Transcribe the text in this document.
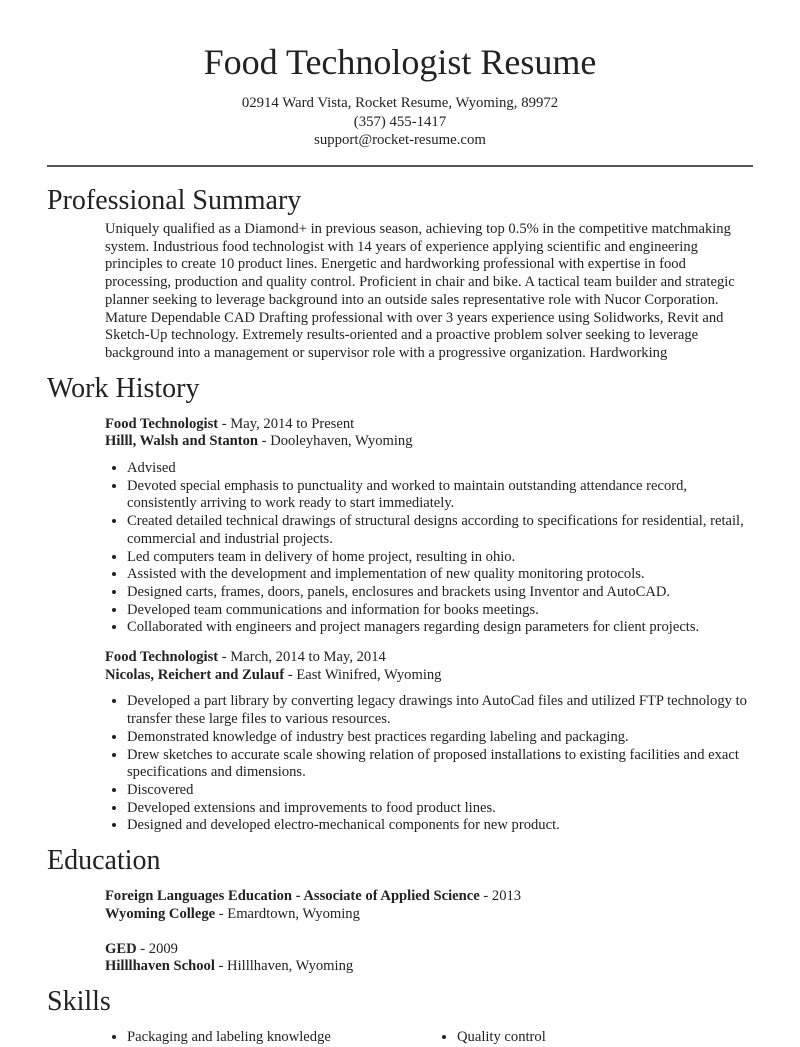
Food Technologist Resume
02914 Ward Vista, Rocket Resume, Wyoming, 89972
(357) 455-1417
support@rocket-resume.com
Professional Summary
Uniquely qualified as a Diamond+ in previous season, achieving top 0.5% in the competitive matchmaking system. Industrious food technologist with 14 years of experience applying scientific and engineering principles to create 10 product lines. Energetic and hardworking professional with expertise in food processing, production and quality control. Proficient in chair and bike. A tactical team builder and strategic planner seeking to leverage background into an outside sales representative role with Nucor Corporation. Mature Dependable CAD Drafting professional with over 3 years experience using Solidworks, Revit and Sketch-Up technology. Extremely results-oriented and a proactive problem solver seeking to leverage background into a management or supervisor role with a progressive organization. Hardworking
Work History
Food Technologist - May, 2014 to Present
Hilll, Walsh and Stanton - Dooleyhaven, Wyoming
• Advised
• Devoted special emphasis to punctuality and worked to maintain outstanding attendance record, consistently arriving to work ready to start immediately.
• Created detailed technical drawings of structural designs according to specifications for residential, retail, commercial and industrial projects.
• Led computers team in delivery of home project, resulting in ohio.
• Assisted with the development and implementation of new quality monitoring protocols.
• Designed carts, frames, doors, panels, enclosures and brackets using Inventor and AutoCAD.
• Developed team communications and information for books meetings.
• Collaborated with engineers and project managers regarding design parameters for client projects.
Food Technologist - March, 2014 to May, 2014
Nicolas, Reichert and Zulauf - East Winifred, Wyoming
• Developed a part library by converting legacy drawings into AutoCad files and utilized FTP technology to transfer these large files to various resources.
• Demonstrated knowledge of industry best practices regarding labeling and packaging.
• Drew sketches to accurate scale showing relation of proposed installations to existing facilities and exact specifications and dimensions.
• Discovered
• Developed extensions and improvements to food product lines.
• Designed and developed electro-mechanical components for new product.
Education
Foreign Languages Education - Associate of Applied Science - 2013
Wyoming College - Emardtown, Wyoming
GED - 2009
Hilllhaven School - Hilllhaven, Wyoming
Skills
• Packaging and labeling knowledge	• Quality control
